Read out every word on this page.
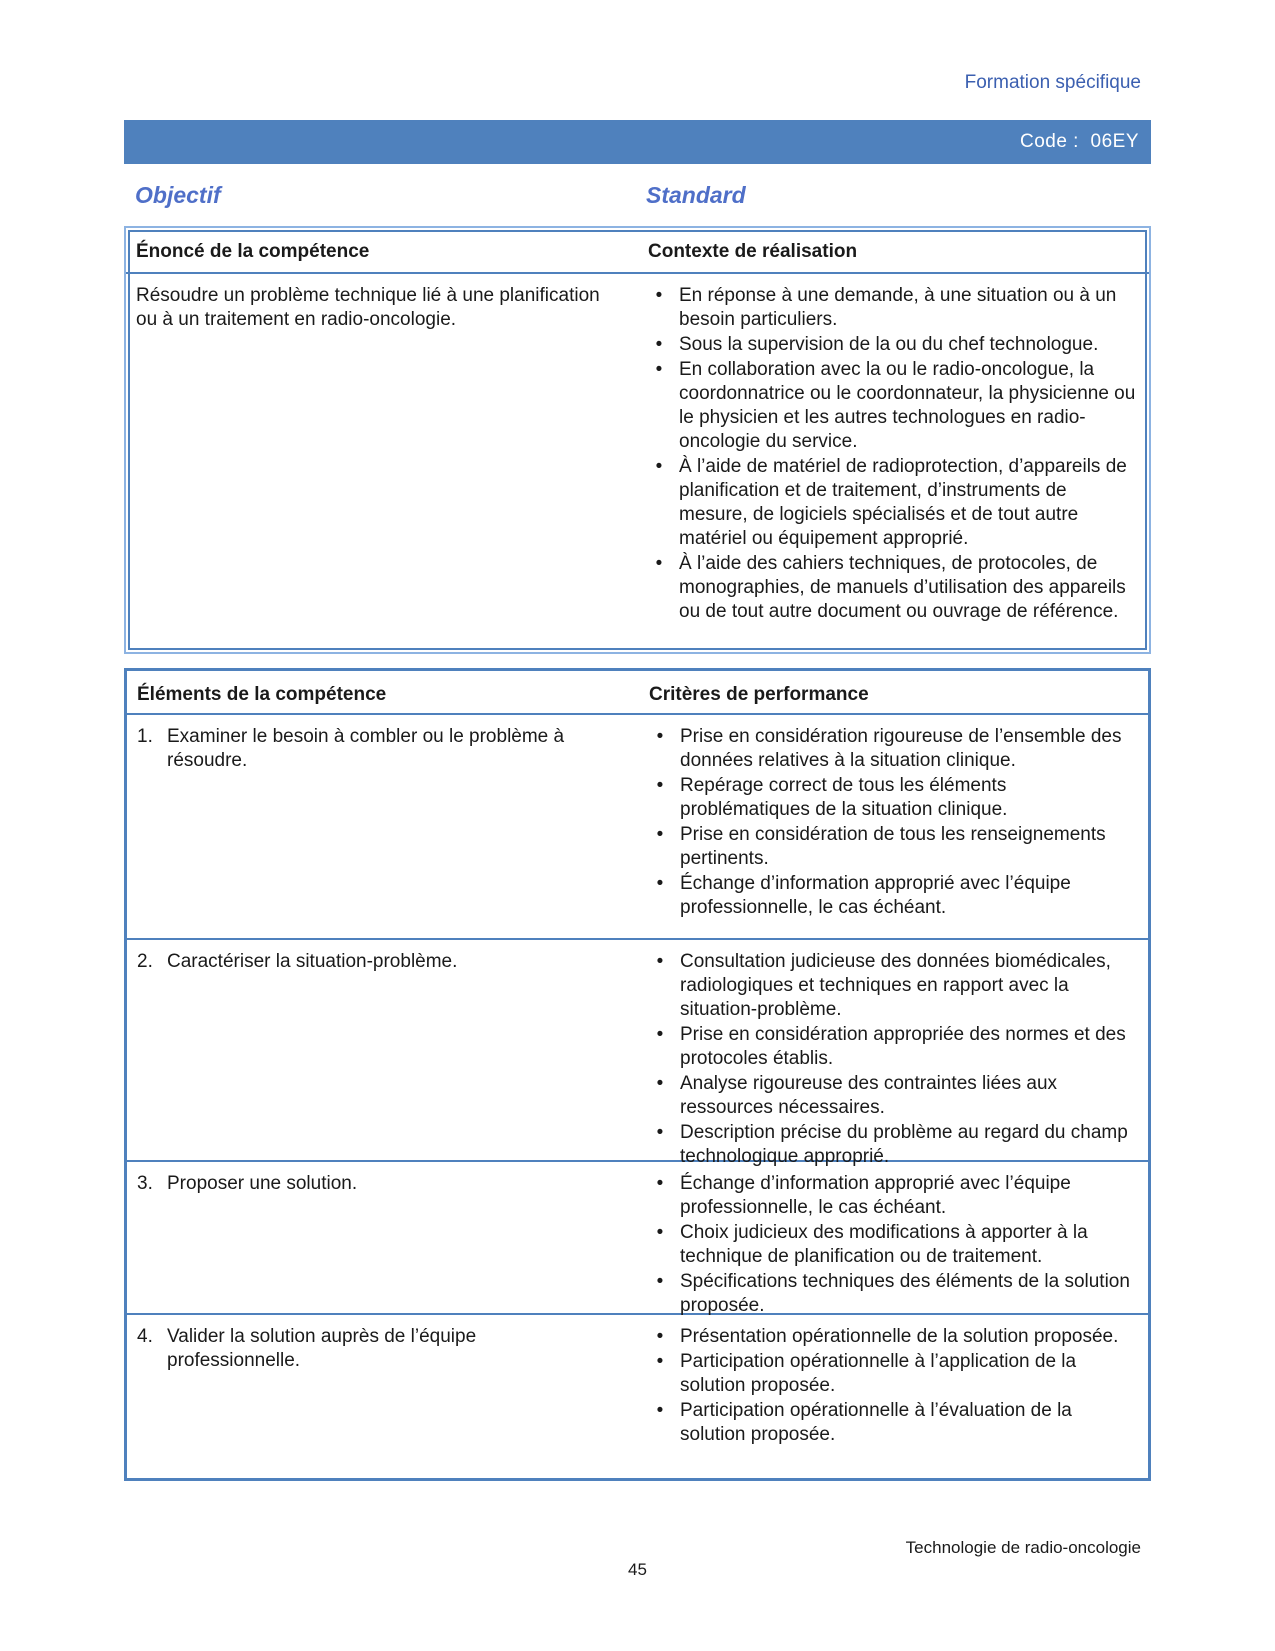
Formation spécifique
Code : 06EY
Objectif	Standard
Énoncé de la compétence	Contexte de réalisation
Résoudre un problème technique lié à une planification ou à un traitement en radio-oncologie.
• En réponse à une demande, à une situation ou à un besoin particuliers.
• Sous la supervision de la ou du chef technologue.
• En collaboration avec la ou le radio-oncologue, la coordonnatrice ou le coordonnateur, la physicienne ou le physicien et les autres technologues en radio-oncologie du service.
• À l’aide de matériel de radioprotection, d’appareils de planification et de traitement, d’instruments de mesure, de logiciels spécialisés et de tout autre matériel ou équipement approprié.
• À l’aide des cahiers techniques, de protocoles, de monographies, de manuels d’utilisation des appareils ou de tout autre document ou ouvrage de référence.
Éléments de la compétence	Critères de performance
1. Examiner le besoin à combler ou le problème à résoudre.
• Prise en considération rigoureuse de l’ensemble des données relatives à la situation clinique.
• Repérage correct de tous les éléments problématiques de la situation clinique.
• Prise en considération de tous les renseignements pertinents.
• Échange d’information approprié avec l’équipe professionnelle, le cas échéant.
2. Caractériser la situation-problème.	• Consultation judicieuse des données biomédicales, radiologiques et techniques en rapport avec la situation-problème.
• Prise en considération appropriée des normes et des protocoles établis.
• Analyse rigoureuse des contraintes liées aux ressources nécessaires.
• Description précise du problème au regard du champ technologique approprié.
3. Proposer une solution.	• Échange d’information approprié avec l’équipe professionnelle, le cas échéant.
• Choix judicieux des modifications à apporter à la technique de planification ou de traitement.
• Spécifications techniques des éléments de la solution proposée.
4. Valider la solution auprès de l’équipe professionnelle.
• Présentation opérationnelle de la solution proposée.
• Participation opérationnelle à l’application de la solution proposée.
• Participation opérationnelle à l’évaluation de la solution proposée.
Technologie de radio-oncologie
45
